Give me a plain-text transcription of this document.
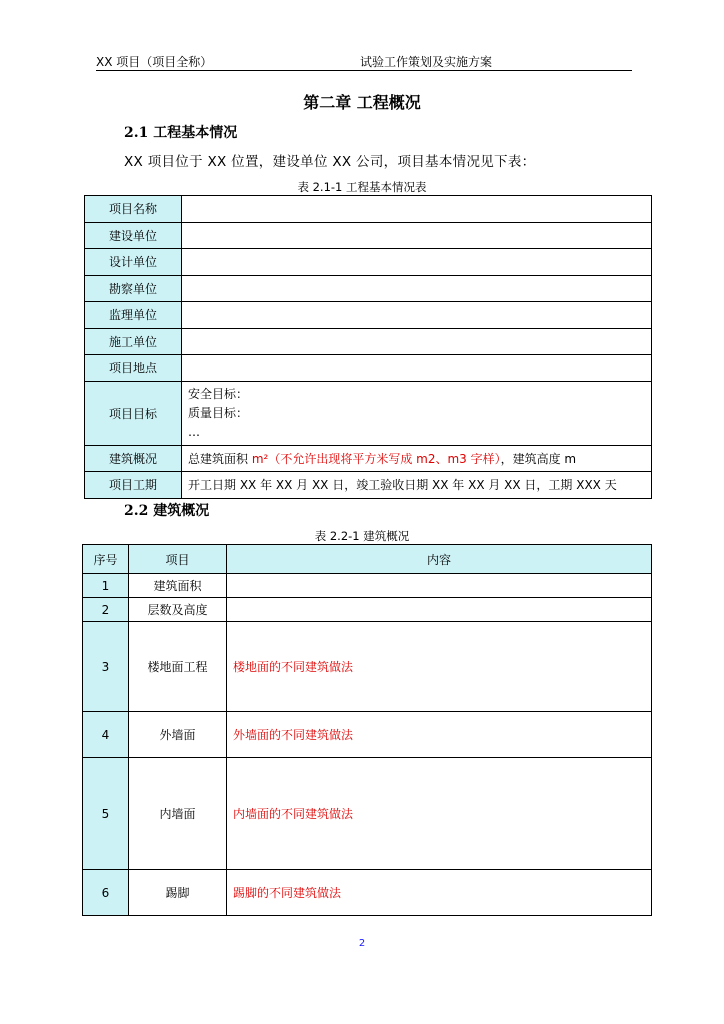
XX 项目（项目全称）	试验工作策划及实施方案
第二章 工程概况
2.1 工程基本情况
XX 项目位于 XX 位置，建设单位 XX 公司，项目基本情况见下表：
表 2.1-1 工程基本情况表
项目名称	
建设单位	
设计单位	
勘察单位	
监理单位	
施工单位	
项目地点	
项目目标	安全目标：
质量目标：
…

建筑概况	总建筑面积 m²（不允许出现将平方米写成 m2、m3 字样），建筑高度 m
项目工期	开工日期 XX 年 XX 月 XX 日，竣工验收日期 XX 年 XX 月 XX 日，工期 XXX 天
2.2 建筑概况
表 2.2-1 建筑概况
序号	项目	内容
1	建筑面积	
2	层数及高度	
3	楼地面工程	楼地面的不同建筑做法
4	外墙面	外墙面的不同建筑做法
5	内墙面	内墙面的不同建筑做法
6	踢脚	踢脚的不同建筑做法
2
